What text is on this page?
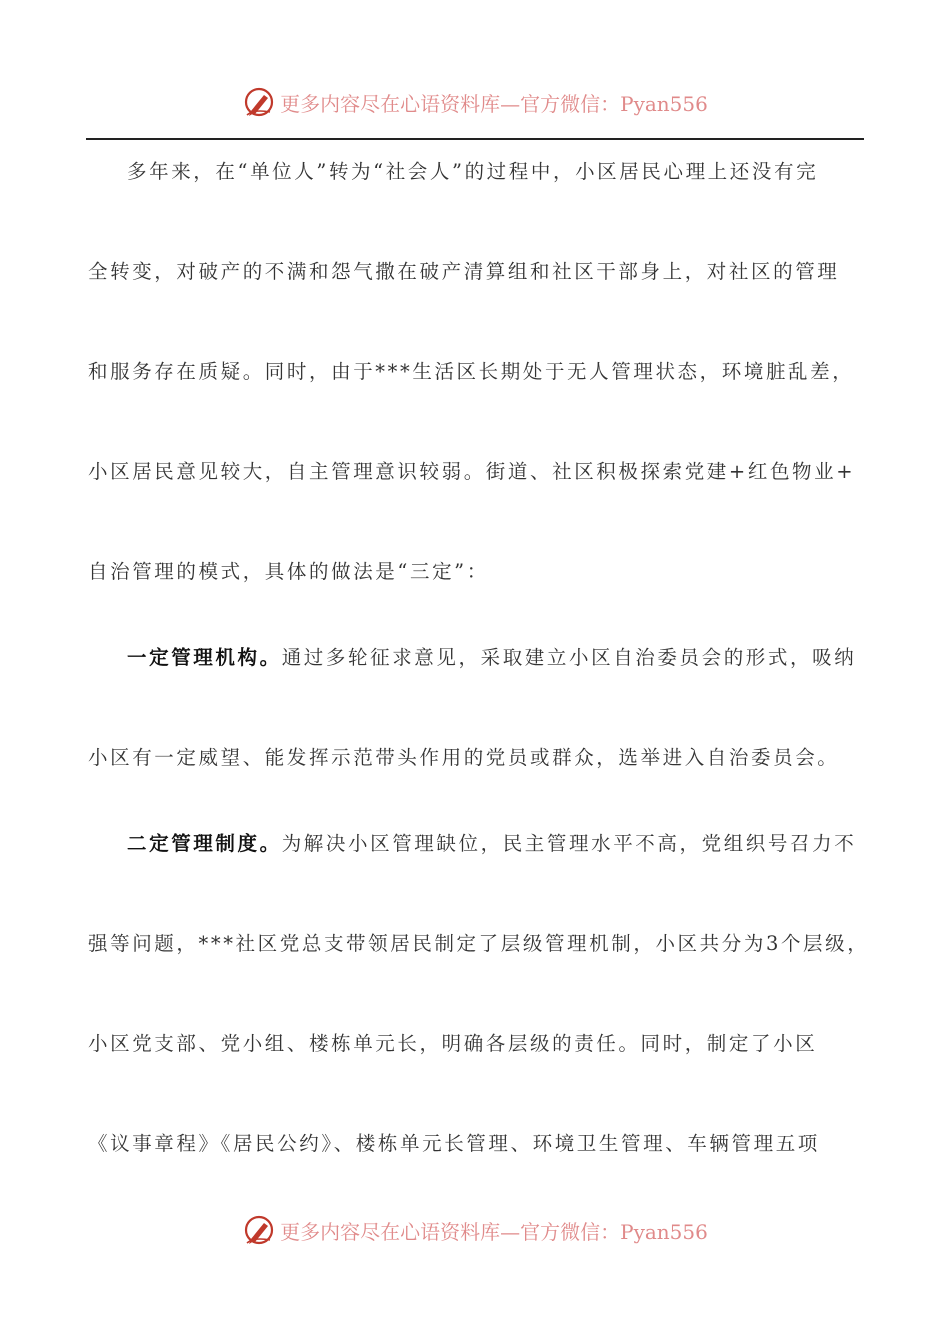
更多内容尽在心语资料库—官方微信：Pyan556
多年来，在“单位人”转为“社会人”的过程中，小区居民心理上还没有完
全转变，对破产的不满和怨气撒在破产清算组和社区干部身上，对社区的管理
和服务存在质疑。同时，由于***生活区长期处于无人管理状态，环境脏乱差，
小区居民意见较大，自主管理意识较弱。街道、社区积极探索党建+红色物业+
自治管理的模式，具体的做法是“三定”：
一定管理机构。通过多轮征求意见，采取建立小区自治委员会的形式，吸纳
小区有一定威望、能发挥示范带头作用的党员或群众，选举进入自治委员会。
二定管理制度。为解决小区管理缺位，民主管理水平不高，党组织号召力不
强等问题，***社区党总支带领居民制定了层级管理机制，小区共分为3个层级，
小区党支部、党小组、楼栋单元长，明确各层级的责任。同时，制定了小区
《议事章程》《居民公约》、楼栋单元长管理、环境卫生管理、车辆管理五项
更多内容尽在心语资料库—官方微信：Pyan556
